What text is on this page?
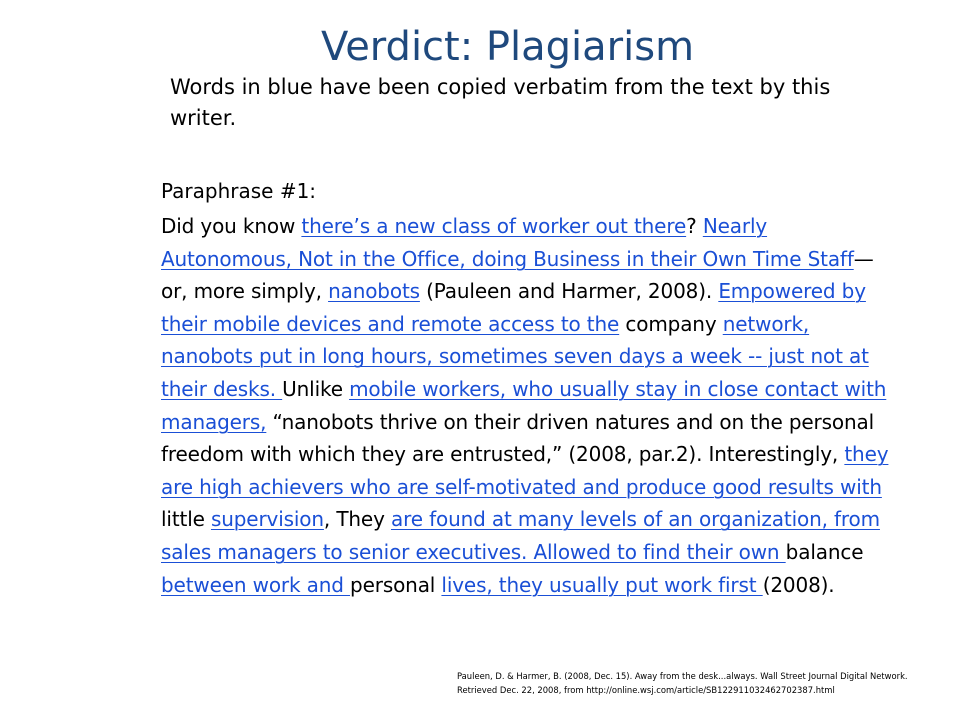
Verdict: Plagiarism

Words in blue have been copied verbatim from the text by this writer.

Paraphrase #1:

Did you know there’s a new class of worker out there? Nearly Autonomous, Not in the Office, doing Business in their Own Time Staff—or, more simply, nanobots (Pauleen and Harmer, 2008). Empowered by their mobile devices and remote access to the company network, nanobots put in long hours, sometimes seven days a week -- just not at their desks. Unlike mobile workers, who usually stay in close contact with managers, “nanobots thrive on their driven natures and on the personal freedom with which they are entrusted,” (2008, par.2). Interestingly, they are high achievers who are self-motivated and produce good results with little supervision, They are found at many levels of an organization, from sales managers to senior executives. Allowed to find their own balance between work and personal lives, they usually put work first (2008).

Pauleen, D. & Harmer, B. (2008, Dec. 15). Away from the desk...always. Wall Street Journal Digital Network.
Retrieved Dec. 22, 2008, from http://online.wsj.com/article/SB122911032462702387.html
